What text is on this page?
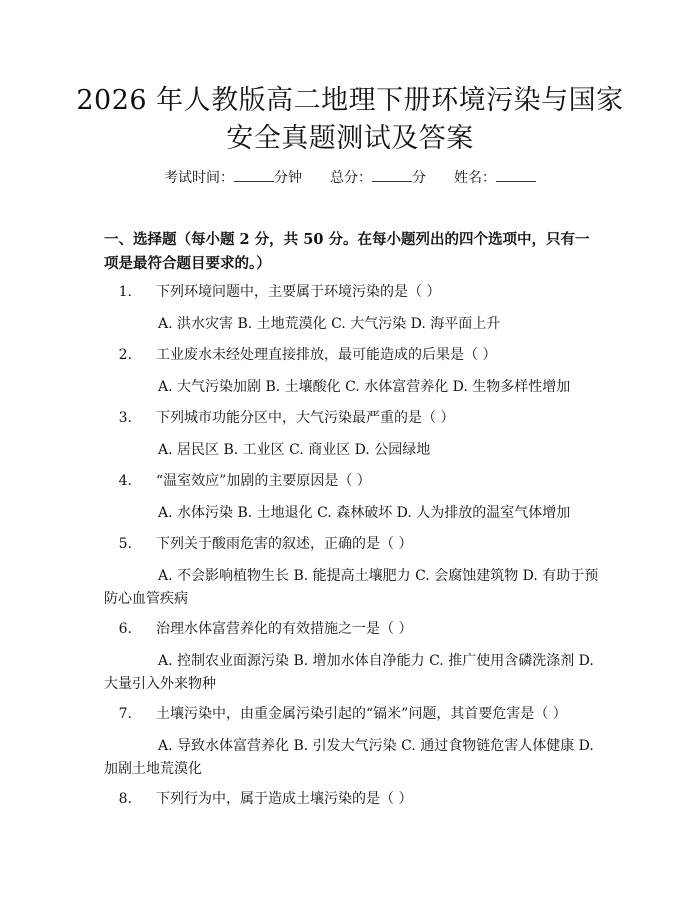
2026 年人教版高二地理下册环境污染与国家
安全真题测试及答案
考试时间：	分钟 总分：	分 姓名：

一、选择题（每小题 2 分，共 50 分。在每小题列出的四个选项中，只有一项是最符合题目要求的。）

1. 下列环境问题中，主要属于环境污染的是（ ）

A. 洪水灾害 B. 土地荒漠化 C. 大气污染 D. 海平面上升

2. 工业废水未经处理直接排放，最可能造成的后果是（ ）

A. 大气污染加剧 B. 土壤酸化 C. 水体富营养化 D. 生物多样性增加

3. 下列城市功能分区中，大气污染最严重的是（ ）

A. 居民区 B. 工业区 C. 商业区 D. 公园绿地

4. “温室效应”加剧的主要原因是（ ）

A. 水体污染 B. 土地退化 C. 森林破坏 D. 人为排放的温室气体增加

5. 下列关于酸雨危害的叙述，正确的是（ ）

A. 不会影响植物生长 B. 能提高土壤肥力 C. 会腐蚀建筑物 D. 有助于预防心血管疾病

6. 治理水体富营养化的有效措施之一是（ ）

A. 控制农业面源污染 B. 增加水体自净能力 C. 推广使用含磷洗涤剂 D. 大量引入外来物种

7. 土壤污染中，由重金属污染引起的“镉米”问题，其首要危害是（ ）

A. 导致水体富营养化 B. 引发大气污染 C. 通过食物链危害人体健康 D. 加剧土地荒漠化

8. 下列行为中，属于造成土壤污染的是（ ）
